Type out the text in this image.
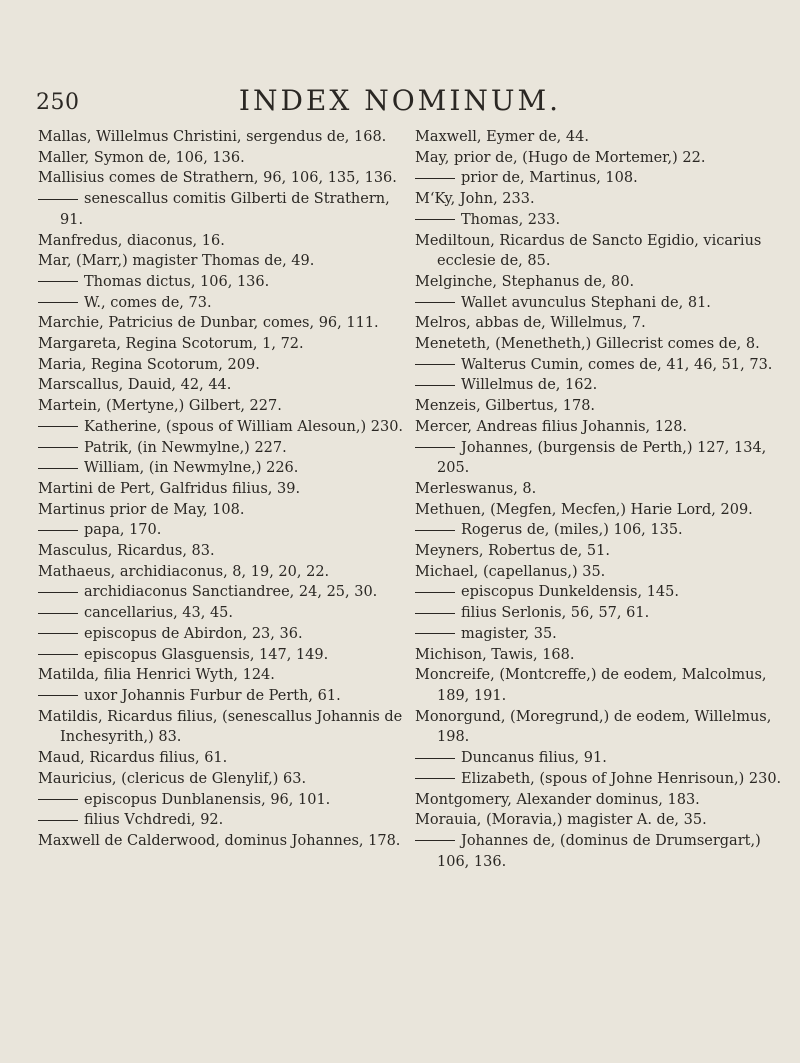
250	INDEX NOMINUM.

Mallas, Willelmus Christini, sergendus de, 168.

Maller, Symon de, 106, 136.

Mallisius comes de Strathern, 96, 106, 135, 136.

senescallus comitis Gilberti de Strathern, 91.

Manfredus, diaconus, 16.

Mar, (Marr,) magister Thomas de, 49.

Thomas dictus, 106, 136.

W., comes de, 73.

Marchie, Patricius de Dunbar, comes, 96, 111.

Margareta, Regina Scotorum, 1, 72.

Maria, Regina Scotorum, 209.

Marscallus, Dauid, 42, 44.

Martein, (Mertyne,) Gilbert, 227.

Katherine, (spous of William Alesoun,) 230.

Patrik, (in Newmylne,) 227.

William, (in Newmylne,) 226.

Martini de Pert, Galfridus filius, 39.

Martinus prior de May, 108.

papa, 170.

Masculus, Ricardus, 83.

Mathaeus, archidiaconus, 8, 19, 20, 22.

archidiaconus Sanctiandree, 24, 25, 30.

cancellarius, 43, 45.

episcopus de Abirdon, 23, 36.

episcopus Glasguensis, 147, 149.

Matilda, filia Henrici Wyth, 124.

uxor Johannis Furbur de Perth, 61.

Matildis, Ricardus filius, (senescallus Johannis de Inchesyrith,) 83.

Maud, Ricardus filius, 61.

Mauricius, (clericus de Glenylif,) 63.

episcopus Dunblanensis, 96, 101.

filius Vchdredi, 92.

Maxwell de Calderwood, dominus Johannes, 178.

Maxwell, Eymer de, 44.

May, prior de, (Hugo de Mortemer,) 22.

prior de, Martinus, 108.

M‘Ky, John, 233.

Thomas, 233.

Mediltoun, Ricardus de Sancto Egidio, vicarius ecclesie de, 85.

Melginche, Stephanus de, 80.

Wallet avunculus Stephani de, 81.

Melros, abbas de, Willelmus, 7.

Meneteth, (Menetheth,) Gillecrist comes de, 8.

Walterus Cumin, comes de, 41, 46, 51, 73.

Willelmus de, 162.

Menzeis, Gilbertus, 178.

Mercer, Andreas filius Johannis, 128.

Johannes, (burgensis de Perth,) 127, 134, 205.

Merleswanus, 8.

Methuen, (Megfen, Mecfen,) Harie Lord, 209.

Rogerus de, (miles,) 106, 135.

Meyners, Robertus de, 51.

Michael, (capellanus,) 35.

episcopus Dunkeldensis, 145.

filius Serlonis, 56, 57, 61.

magister, 35.

Michison, Tawis, 168.

Moncreife, (Montcreffe,) de eodem, Malcolmus, 189, 191.

Monorgund, (Moregrund,) de eodem, Willelmus, 198.

Duncanus filius, 91.

Elizabeth, (spous of Johne Henrisoun,) 230.

Montgomery, Alexander dominus, 183.

Morauia, (Moravia,) magister A. de, 35.

Johannes de, (dominus de Drumsergart,) 106, 136.
